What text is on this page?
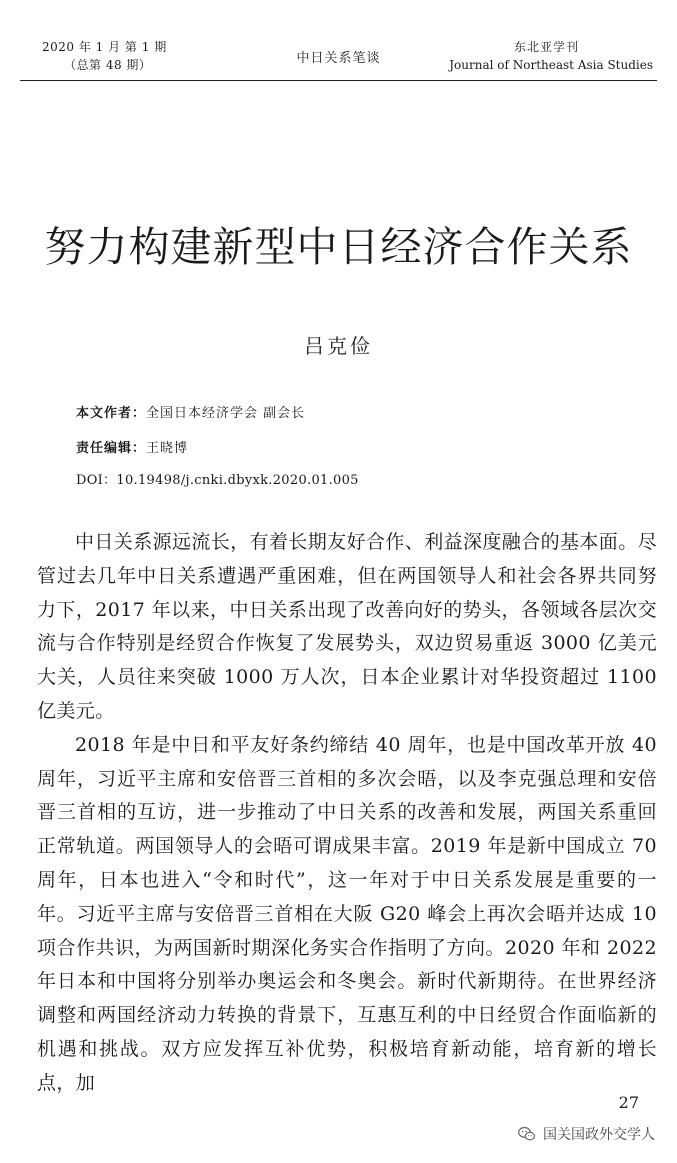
2020 年 1 月 第 1 期
（总第 48 期）	中日关系笔谈
东北亚学刊
Journal of Northeast Asia Studies
努力构建新型中日经济合作关系
吕克俭
本文作者：全国日本经济学会 副会长
责任编辑：王晓博
DOI：10.19498/j.cnki.dbyxk.2020.01.005

中日关系源远流长，有着长期友好合作、利益深度融合的基本面。尽管过去几年中日关系遭遇严重困难，但在两国领导人和社会各界共同努力下，2017 年以来，中日关系出现了改善向好的势头，各领域各层次交流与合作特别是经贸合作恢复了发展势头，双边贸易重返 3000 亿美元大关，人员往来突破 1000 万人次，日本企业累计对华投资超过 1100 亿美元。

2018 年是中日和平友好条约缔结 40 周年，也是中国改革开放 40 周年，习近平主席和安倍晋三首相的多次会晤，以及李克强总理和安倍晋三首相的互访，进一步推动了中日关系的改善和发展，两国关系重回正常轨道。两国领导人的会晤可谓成果丰富。2019 年是新中国成立 70 周年，日本也进入“令和时代”，这一年对于中日关系发展是重要的一年。习近平主席与安倍晋三首相在大阪 G20 峰会上再次会晤并达成 10 项合作共识，为两国新时期深化务实合作指明了方向。2020 年和 2022 年日本和中国将分别举办奥运会和冬奥会。新时代新期待。在世界经济调整和两国经济动力转换的背景下，互惠互利的中日经贸合作面临新的机遇和挑战。双方应发挥互补优势，积极培育新动能，培育新的增长点，加

27
国关国政外交学人
